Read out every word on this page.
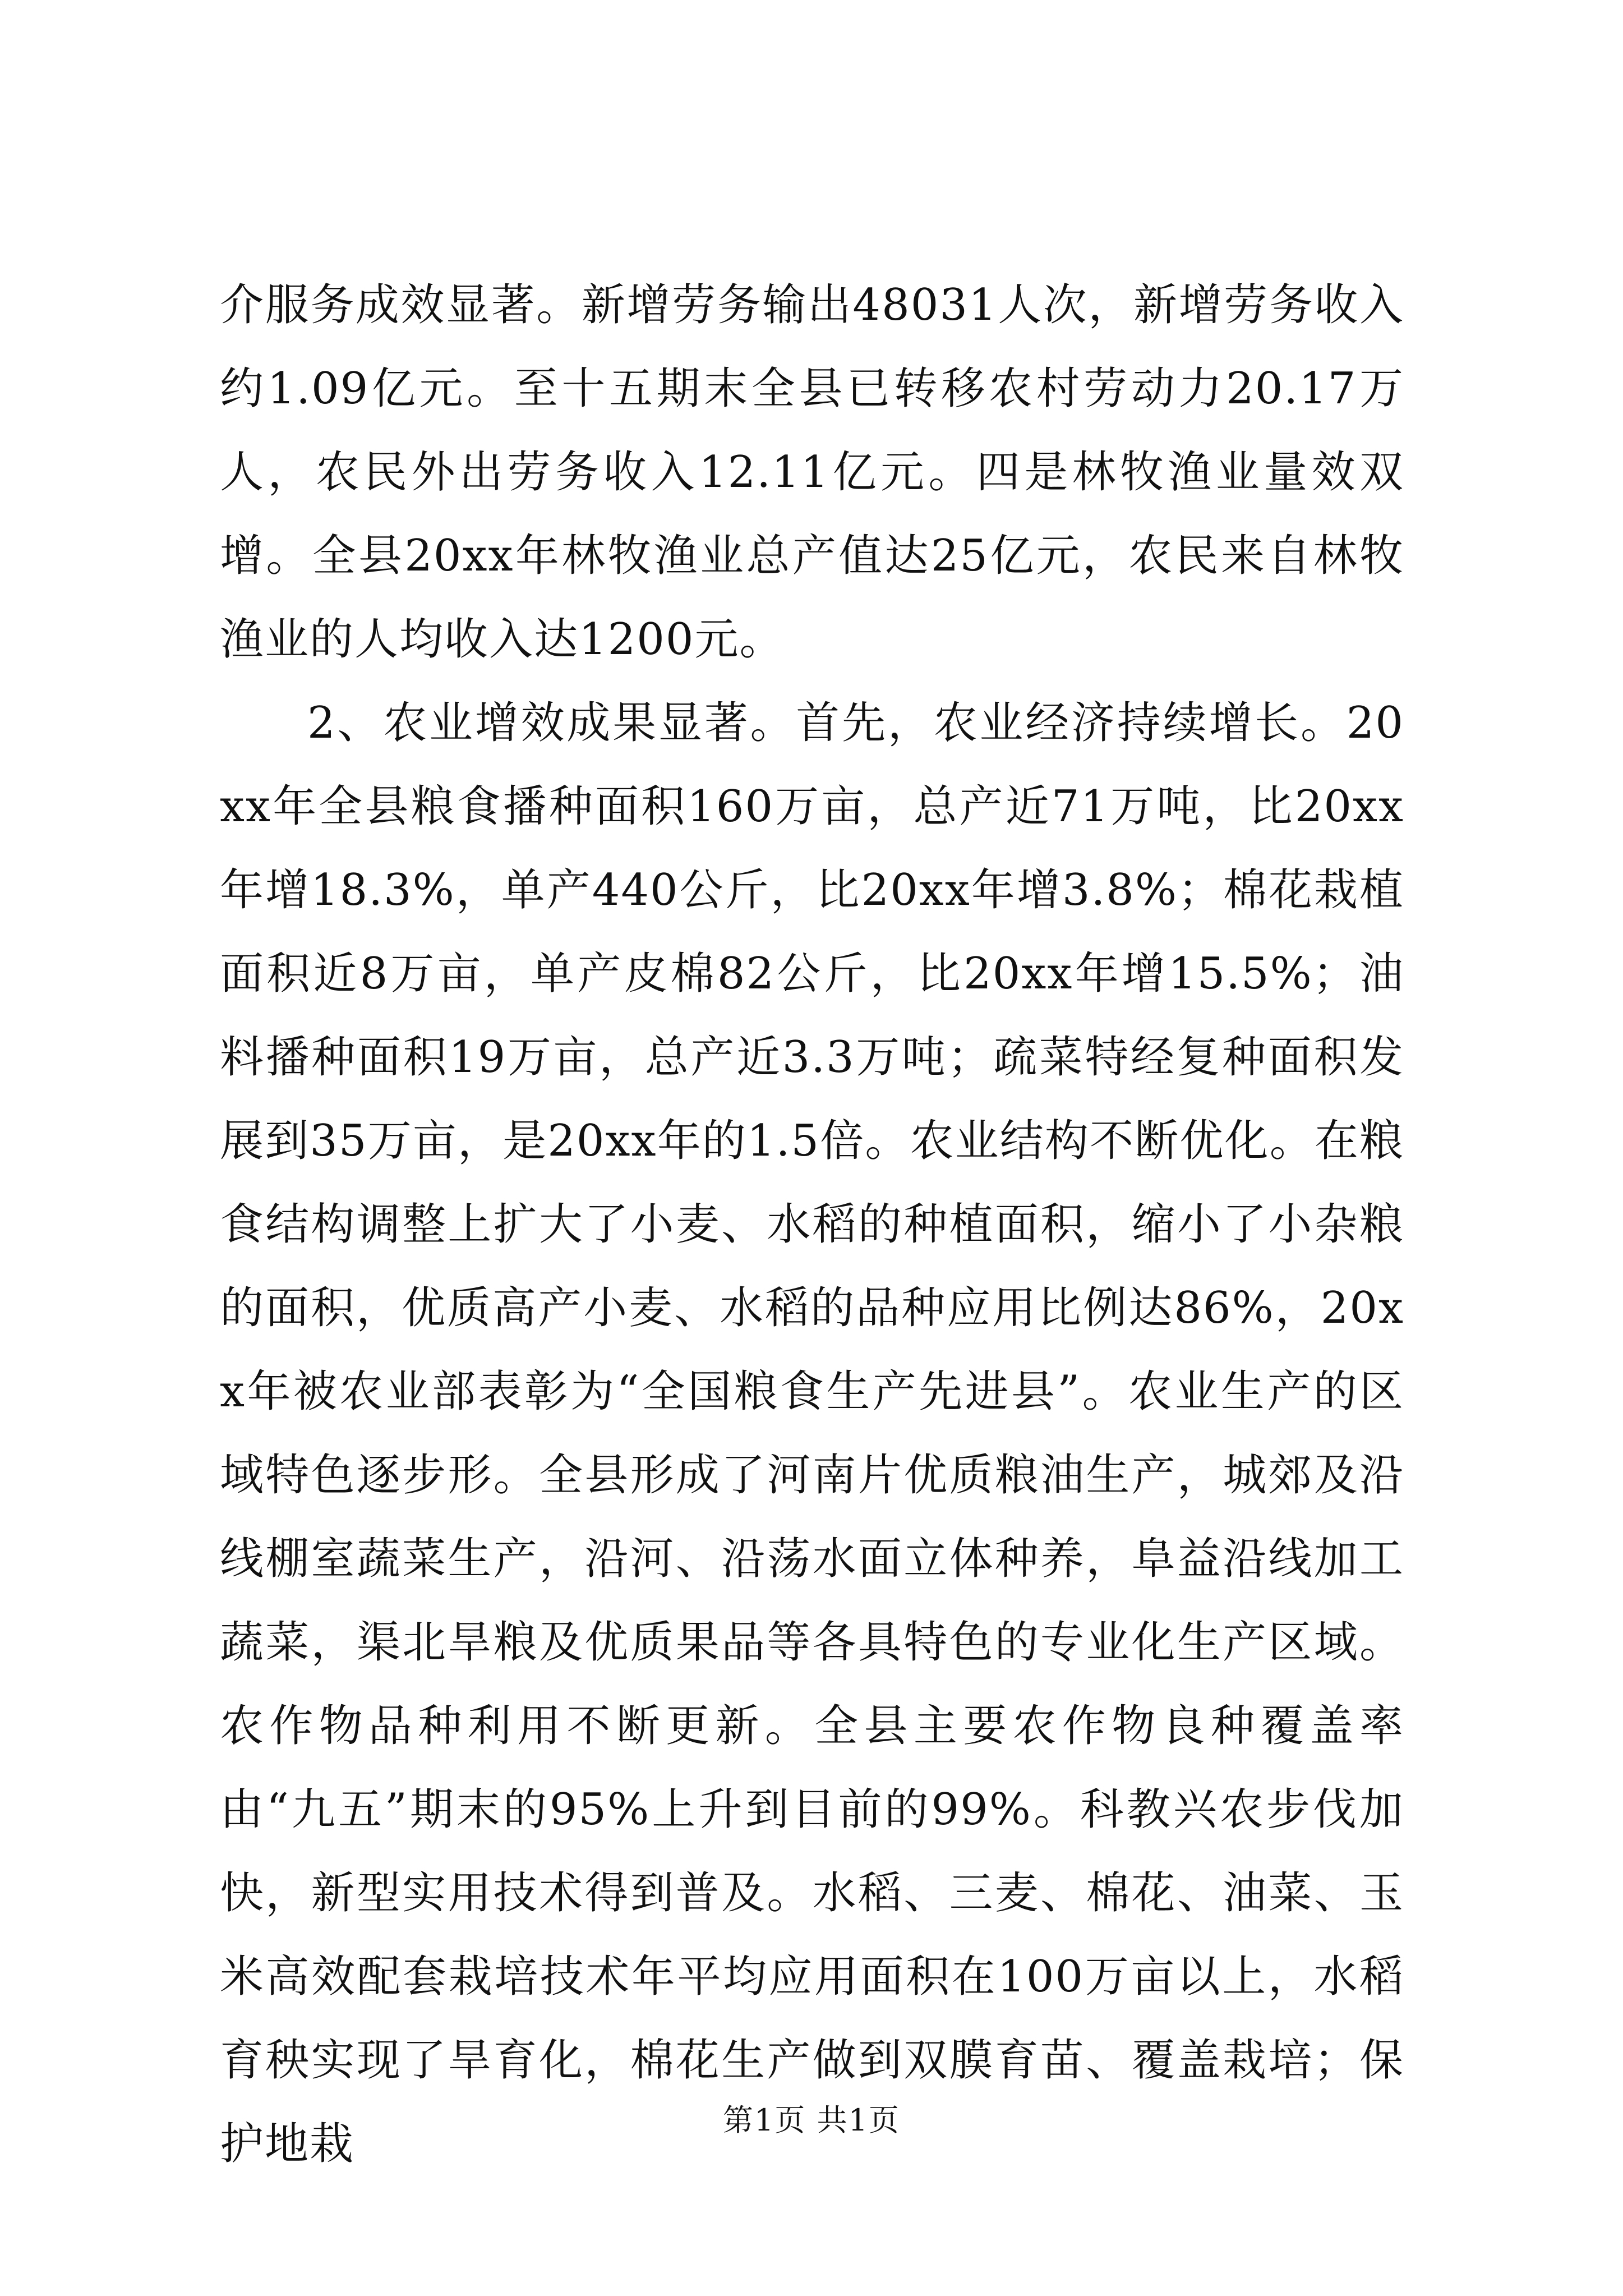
介服务成效显著。新增劳务输出48031人次，新增劳务收入约1.09亿元。至十五期末全县已转移农村劳动力20.17万人，农民外出劳务收入12.11亿元。四是林牧渔业量效双增。全县20xx年林牧渔业总产值达25亿元，农民来自林牧渔业的人均收入达1200元。

2、农业增效成果显著。首先，农业经济持续增长。20xx年全县粮食播种面积160万亩，总产近71万吨，比20xx年增18.3%，单产440公斤，比20xx年增3.8%；棉花栽植面积近8万亩，单产皮棉82公斤，比20xx年增15.5%；油料播种面积19万亩，总产近3.3万吨；疏菜特经复种面积发展到35万亩，是20xx年的1.5倍。农业结构不断优化。在粮食结构调整上扩大了小麦、水稻的种植面积，缩小了小杂粮的面积，优质高产小麦、水稻的品种应用比例达86%，20xx年被农业部表彰为“全国粮食生产先进县”。农业生产的区域特色逐步形。全县形成了河南片优质粮油生产，城郊及沿线棚室蔬菜生产，沿河、沿荡水面立体种养，阜益沿线加工蔬菜，渠北旱粮及优质果品等各具特色的专业化生产区域。农作物品种利用不断更新。全县主要农作物良种覆盖率由“九五”期末的95%上升到目前的99%。科教兴农步伐加快，新型实用技术得到普及。水稻、三麦、棉花、油菜、玉米高效配套栽培技术年平均应用面积在100万亩以上，水稻育秧实现了旱育化，棉花生产做到双膜育苗、覆盖栽培；保护地栽	第1页 共1页
